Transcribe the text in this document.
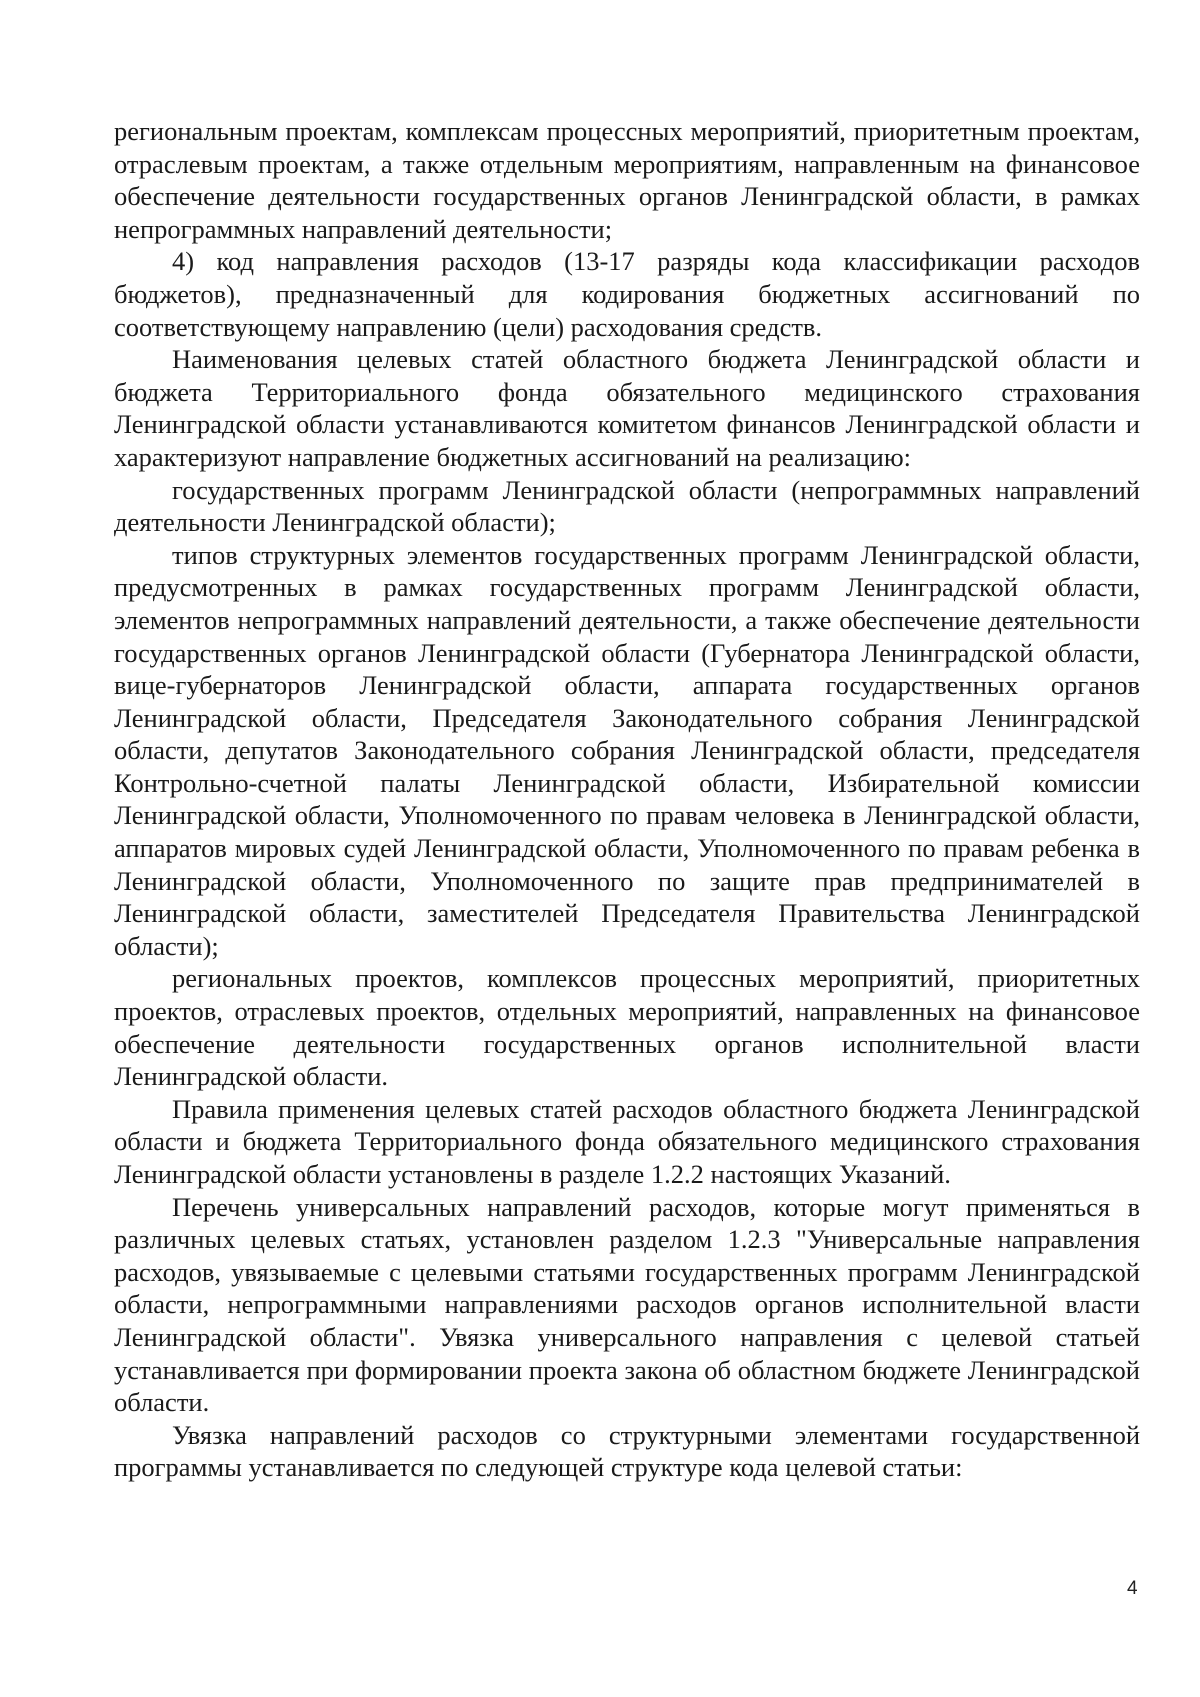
региональным проектам, комплексам процессных мероприятий, приоритетным проектам, отраслевым проектам, а также отдельным мероприятиям, направленным на финансовое обеспечение деятельности государственных органов Ленинградской области, в рамках непрограммных направлений деятельности;

4) код направления расходов (13-17 разряды кода классификации расходов бюджетов), предназначенный для кодирования бюджетных ассигнований по соответствующему направлению (цели) расходования средств.

Наименования целевых статей областного бюджета Ленинградской области и бюджета Территориального фонда обязательного медицинского страхования Ленинградской области устанавливаются комитетом финансов Ленинградской области и характеризуют направление бюджетных ассигнований на реализацию:

государственных программ Ленинградской области (непрограммных направлений деятельности Ленинградской области);

типов структурных элементов государственных программ Ленинградской области, предусмотренных в рамках государственных программ Ленинградской области, элементов непрограммных направлений деятельности, а также обеспечение деятельности государственных органов Ленинградской области (Губернатора Ленинградской области, вице-губернаторов Ленинградской области, аппарата государственных органов Ленинградской области, Председателя Законодательного собрания Ленинградской области, депутатов Законодательного собрания Ленинградской области, председателя Контрольно-счетной палаты Ленинградской области, Избирательной комиссии Ленинградской области, Уполномоченного по правам человека в Ленинградской области, аппаратов мировых судей Ленинградской области, Уполномоченного по правам ребенка в Ленинградской области, Уполномоченного по защите прав предпринимателей в Ленинградской области, заместителей Председателя Правительства Ленинградской области);

региональных проектов, комплексов процессных мероприятий, приоритетных проектов, отраслевых проектов, отдельных мероприятий, направленных на финансовое обеспечение деятельности государственных органов исполнительной власти Ленинградской области.

Правила применения целевых статей расходов областного бюджета Ленинградской области и бюджета Территориального фонда обязательного медицинского страхования Ленинградской области установлены в разделе 1.2.2 настоящих Указаний.

Перечень универсальных направлений расходов, которые могут применяться в различных целевых статьях, установлен разделом 1.2.3 "Универсальные направления расходов, увязываемые с целевыми статьями государственных программ Ленинградской области, непрограммными направлениями расходов органов исполнительной власти Ленинградской области". Увязка универсального направления с целевой статьей устанавливается при формировании проекта закона об областном бюджете Ленинградской области.

Увязка направлений расходов со структурными элементами государственной программы устанавливается по следующей структуре кода целевой статьи:

4
